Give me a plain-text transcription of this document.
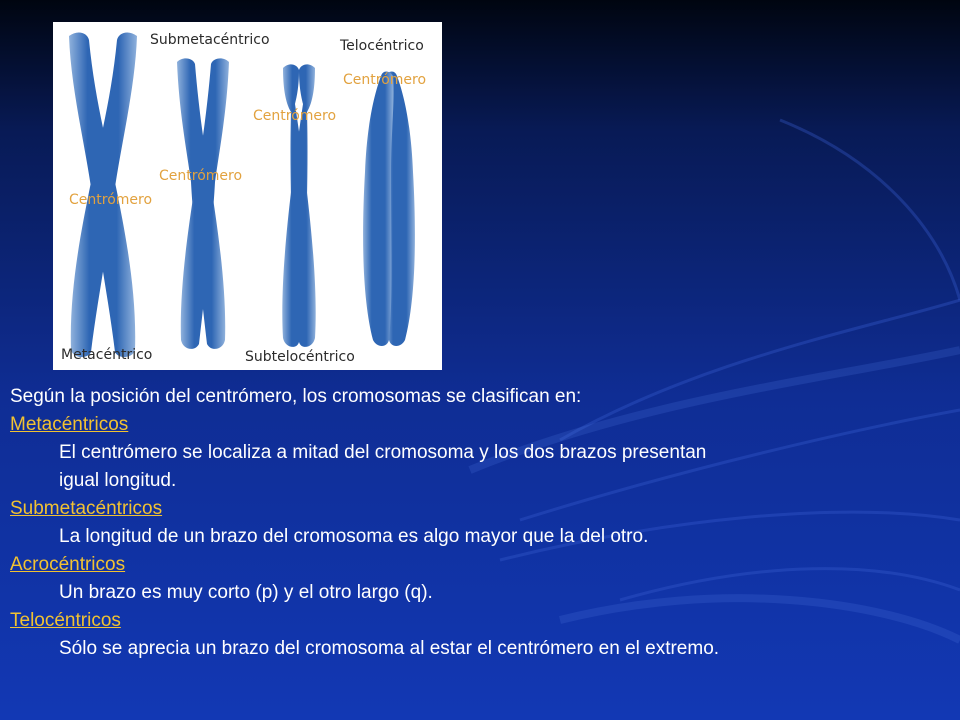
Submetacéntrico	Telocéntrico
Centrómero
Centrómero
Centrómero
Centrómero
Metacéntrico	Subtelocéntrico

Según la posición del centrómero, los cromosomas se clasifican en:

Metacéntricos

El centrómero se localiza a mitad del cromosoma y los dos brazos presentan

igual longitud.

Submetacéntricos

La longitud de un brazo del cromosoma es algo mayor que la del otro.

Acrocéntricos

Un brazo es muy corto (p) y el otro largo (q).

Telocéntricos

Sólo se aprecia un brazo del cromosoma al estar el centrómero en el extremo.
